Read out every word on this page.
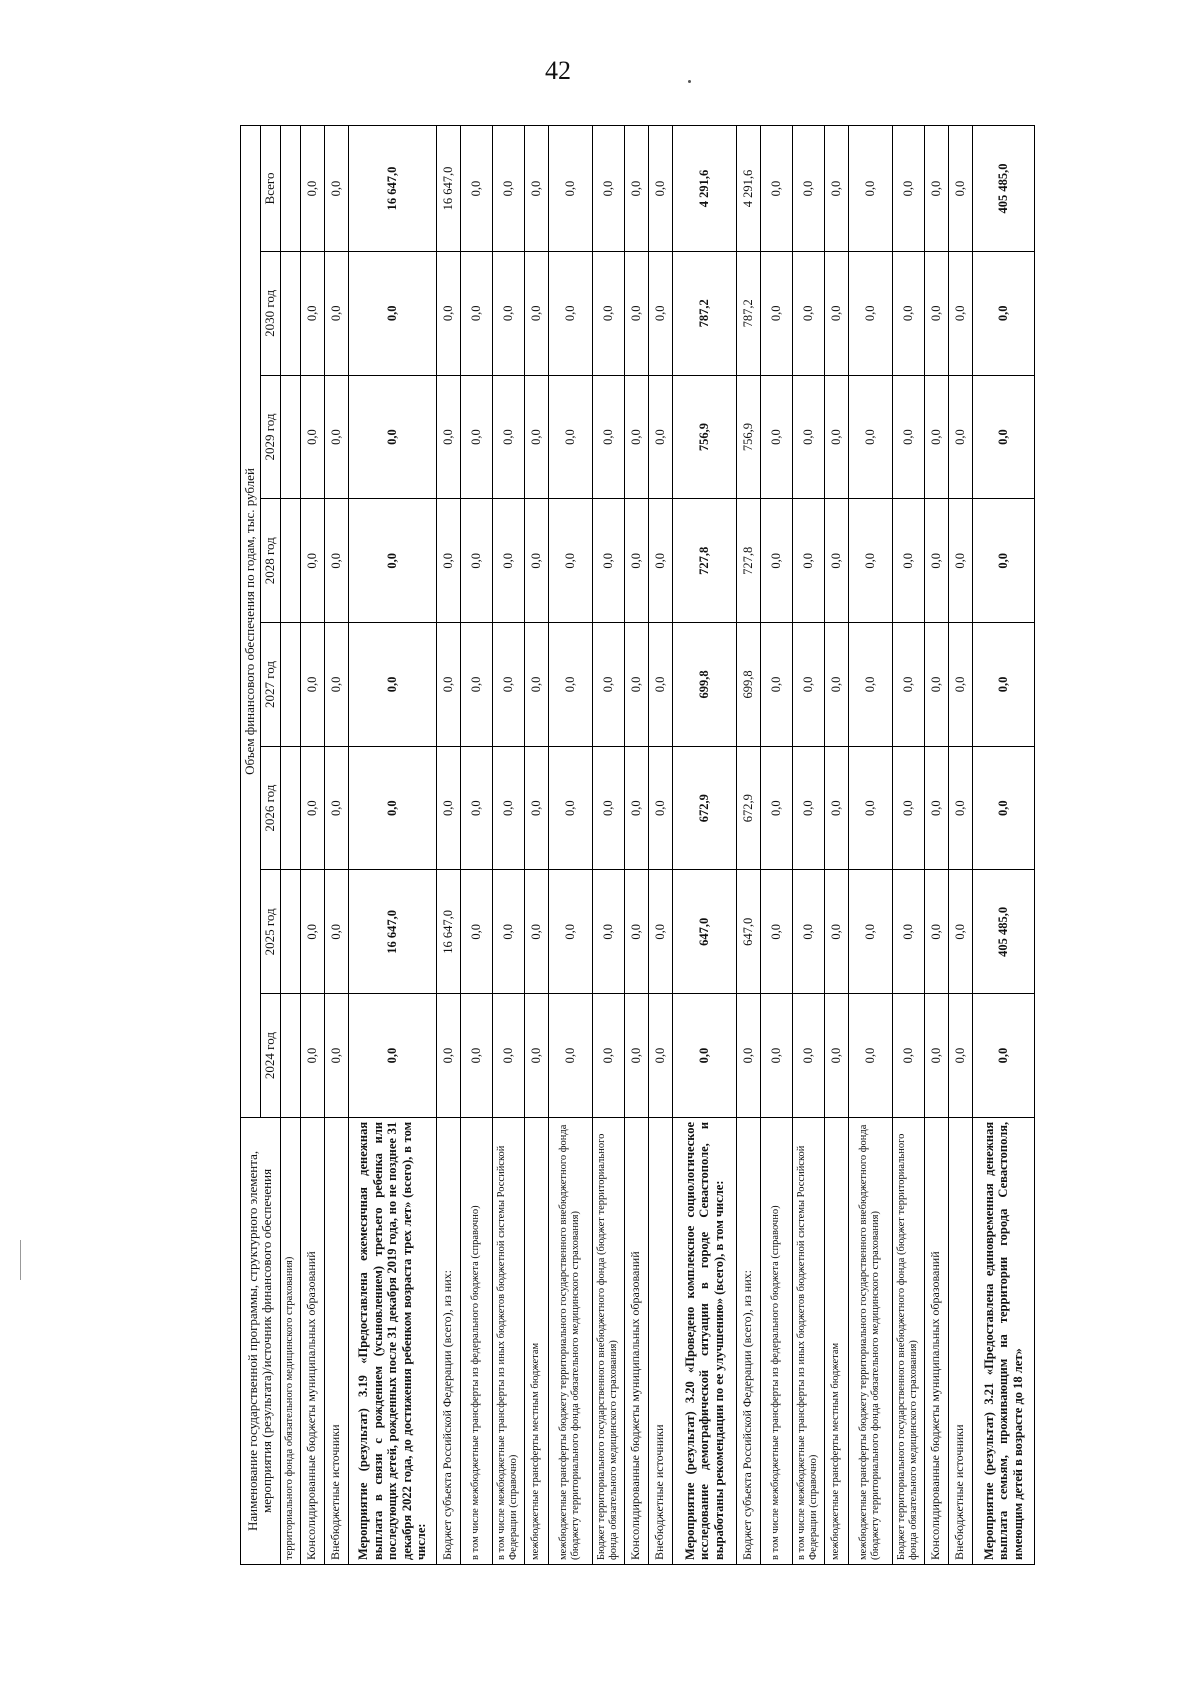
42
Наименование государственной программы, структурного элемента, мероприятия (результата)/источник финансового обеспечения	Объем финансового обеспечения по годам, тыс. рублей							
	2024 год	2025 год	2026 год	2027 год	2028 год	2029 год	2030 год	Всего
территориального фонда обязательного медицинского страхования)								
Консолидированные бюджеты муниципальных образований	0,0	0,0	0,0	0,0	0,0	0,0	0,0	0,0
Внебюджетные источники	0,0	0,0	0,0	0,0	0,0	0,0	0,0	0,0
Мероприятие (результат) 3.19 «Предоставлена ежемесячная денежная выплата в связи с рождением (усыновлением) третьего ребенка или последующих детей, рожденных после 31 декабря 2019 года, но не позднее 31 декабря 2022 года, до достижения ребенком возраста трех лет» (всего), в том числе:	0,0	16 647,0	0,0	0,0	0,0	0,0	0,0	16 647,0
Бюджет субъекта Российской Федерации (всего), из них:	0,0	16 647,0	0,0	0,0	0,0	0,0	0,0	16 647,0
в том числе межбюджетные трансферты из федерального бюджета (справочно)	0,0	0,0	0,0	0,0	0,0	0,0	0,0	0,0
в том числе межбюджетные трансферты из иных бюджетов бюджетной системы Российской Федерации (справочно)	0,0	0,0	0,0	0,0	0,0	0,0	0,0	0,0
межбюджетные трансферты местным бюджетам	0,0	0,0	0,0	0,0	0,0	0,0	0,0	0,0
межбюджетные трансферты бюджету территориального государственного внебюджетного фонда (бюджету территориального фонда обязательного медицинского страхования)	0,0	0,0	0,0	0,0	0,0	0,0	0,0	0,0
Бюджет территориального государственного внебюджетного фонда (бюджет территориального фонда обязательного медицинского страхования)	0,0	0,0	0,0	0,0	0,0	0,0	0,0	0,0
Консолидированные бюджеты муниципальных образований	0,0	0,0	0,0	0,0	0,0	0,0	0,0	0,0
Внебюджетные источники	0,0	0,0	0,0	0,0	0,0	0,0	0,0	0,0
Мероприятие (результат) 3.20 «Проведено комплексное социологическое исследование демографической ситуации в городе Севастополе, и выработаны рекомендации по ее улучшению» (всего), в том числе:	0,0	647,0	672,9	699,8	727,8	756,9	787,2	4 291,6
Бюджет субъекта Российской Федерации (всего), из них:	0,0	647,0	672,9	699,8	727,8	756,9	787,2	4 291,6
в том числе межбюджетные трансферты из федерального бюджета (справочно)	0,0	0,0	0,0	0,0	0,0	0,0	0,0	0,0
в том числе межбюджетные трансферты из иных бюджетов бюджетной системы Российской Федерации (справочно)	0,0	0,0	0,0	0,0	0,0	0,0	0,0	0,0
межбюджетные трансферты местным бюджетам	0,0	0,0	0,0	0,0	0,0	0,0	0,0	0,0
межбюджетные трансферты бюджету территориального государственного внебюджетного фонда (бюджету территориального фонда обязательного медицинского страхования)	0,0	0,0	0,0	0,0	0,0	0,0	0,0	0,0
Бюджет территориального государственного внебюджетного фонда (бюджет территориального фонда обязательного медицинского страхования)	0,0	0,0	0,0	0,0	0,0	0,0	0,0	0,0
Консолидированные бюджеты муниципальных образований	0,0	0,0	0,0	0,0	0,0	0,0	0,0	0,0
Внебюджетные источники	0,0	0,0	0,0	0,0	0,0	0,0	0,0	0,0
Мероприятие (результат) 3.21 «Предоставлена единовременная денежная выплата семьям, проживающим на территории города Севастополя, имеющим детей в возрасте до 18 лет»	0,0	405 485,0	0,0	0,0	0,0	0,0	0,0	405 485,0
